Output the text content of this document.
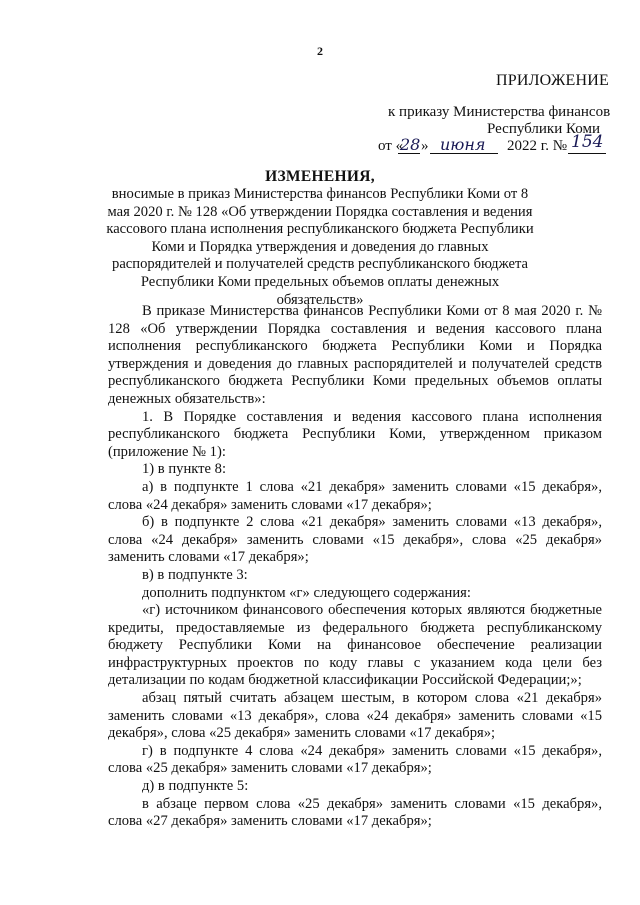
2
ПРИЛОЖЕНИЕ
к приказу Министерства финансов
Республики Коми
от «
28 » июня 2022 г. № 154
ИЗМЕНЕНИЯ,
вносимые в приказ Министерства финансов Республики Коми от 8 мая 2020 г. № 128 «Об утверждении Порядка составления и ведения кассового плана исполнения республиканского бюджета Республики Коми и Порядка утверждения и доведения до главных распорядителей и получателей средств республиканского бюджета Республики Коми предельных объемов оплаты денежных обязательств»

В приказе Министерства финансов Республики Коми от 8 мая 2020 г. № 128 «Об утверждении Порядка составления и ведения кассового плана исполнения республиканского бюджета Республики Коми и Порядка утверждения и доведения до главных распорядителей и получателей средств республиканского бюджета Республики Коми предельных объемов оплаты денежных обязательств»:

1. В Порядке составления и ведения кассового плана исполнения республиканского бюджета Республики Коми, утвержденном приказом (приложение № 1):

1) в пункте 8:

а) в подпункте 1 слова «21 декабря» заменить словами «15 декабря», слова «24 декабря» заменить словами «17 декабря»;

б) в подпункте 2 слова «21 декабря» заменить словами «13 декабря», слова «24 декабря» заменить словами «15 декабря», слова «25 декабря» заменить словами «17 декабря»;

в) в подпункте 3:

дополнить подпунктом «г» следующего содержания:

«г) источником финансового обеспечения которых являются бюджетные кредиты, предоставляемые из федерального бюджета республиканскому бюджету Республики Коми на финансовое обеспечение реализации инфраструктурных проектов по коду главы с указанием кода цели без детализации по кодам бюджетной классификации Российской Федерации;»;

абзац пятый считать абзацем шестым, в котором слова «21 декабря» заменить словами «13 декабря», слова «24 декабря» заменить словами «15 декабря», слова «25 декабря» заменить словами «17 декабря»;

г) в подпункте 4 слова «24 декабря» заменить словами «15 декабря», слова «25 декабря» заменить словами «17 декабря»;

д) в подпункте 5:

в абзаце первом слова «25 декабря» заменить словами «15 декабря», слова «27 декабря» заменить словами «17 декабря»;
